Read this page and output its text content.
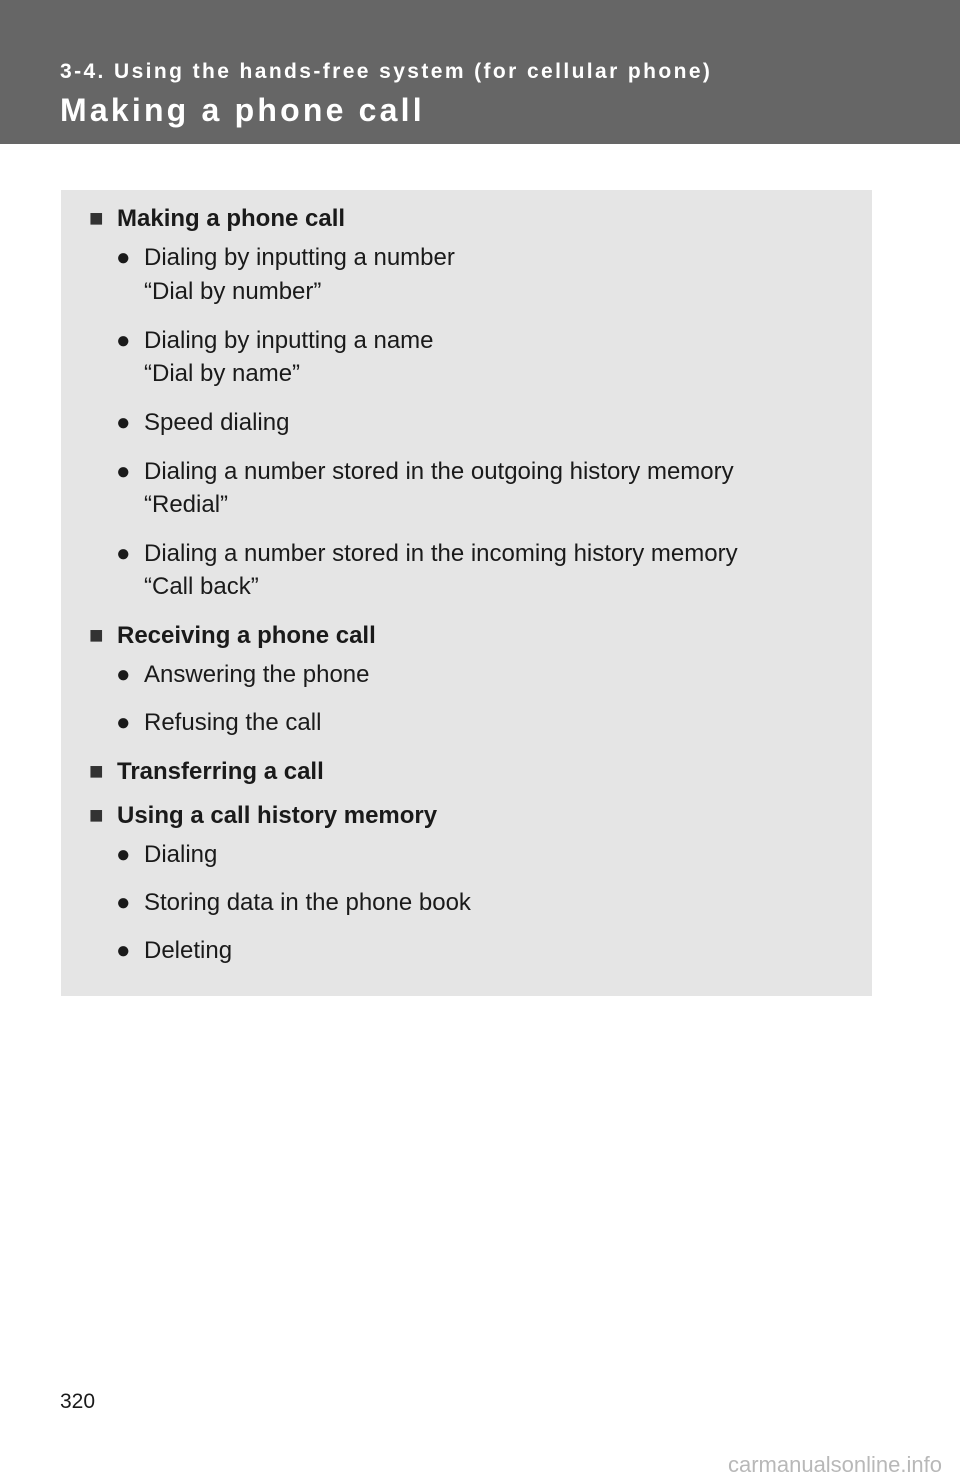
3-4. Using the hands-free system (for cellular phone)
Making a phone call
■ Making a phone call
● Dialing by inputting a number
“Dial by number”
● Dialing by inputting a name
“Dial by name”
● Speed dialing
● Dialing a number stored in the outgoing history memory
“Redial”
● Dialing a number stored in the incoming history memory
“Call back”
■ Receiving a phone call
● Answering the phone
● Refusing the call
■ Transferring a call
■ Using a call history memory
● Dialing
● Storing data in the phone book
● Deleting
320
carmanualsonline.info
